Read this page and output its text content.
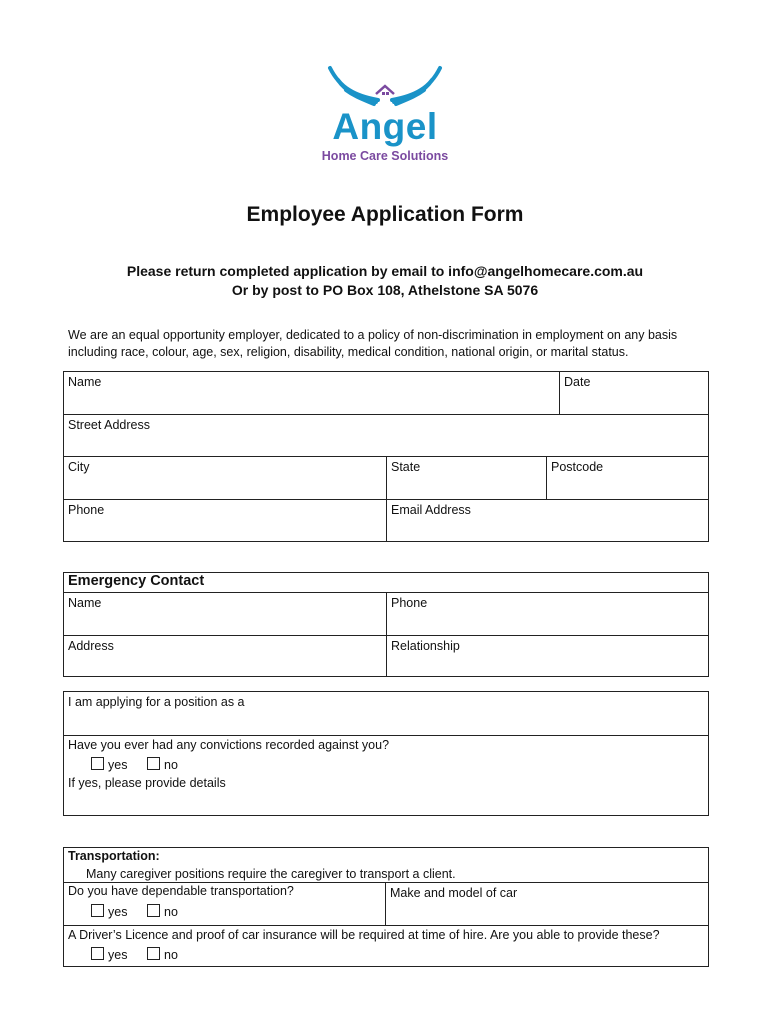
Angel
Home Care Solutions
Employee Application Form
Please return completed application by email to info@angelhomecare.com.au
Or by post to PO Box 108, Athelstone SA 5076
We are an equal opportunity employer, dedicated to a policy of non-discrimination in employment on any basis
including race, colour, age, sex, religion, disability, medical condition, national origin, or marital status.
Name	Date
Street Address
City	State	Postcode
Phone	Email Address
Emergency Contact
Name	Phone
Address	Relationship
I am applying for a position as a
Have you ever had any convictions recorded against you?
yes	no
If yes, please provide details
Transportation:
Many caregiver positions require the caregiver to transport a client.
Do you have dependable transportation?
yes	no
Make and model of car
A Driver’s Licence and proof of car insurance will be required at time of hire. Are you able to provide these?
yes	no
